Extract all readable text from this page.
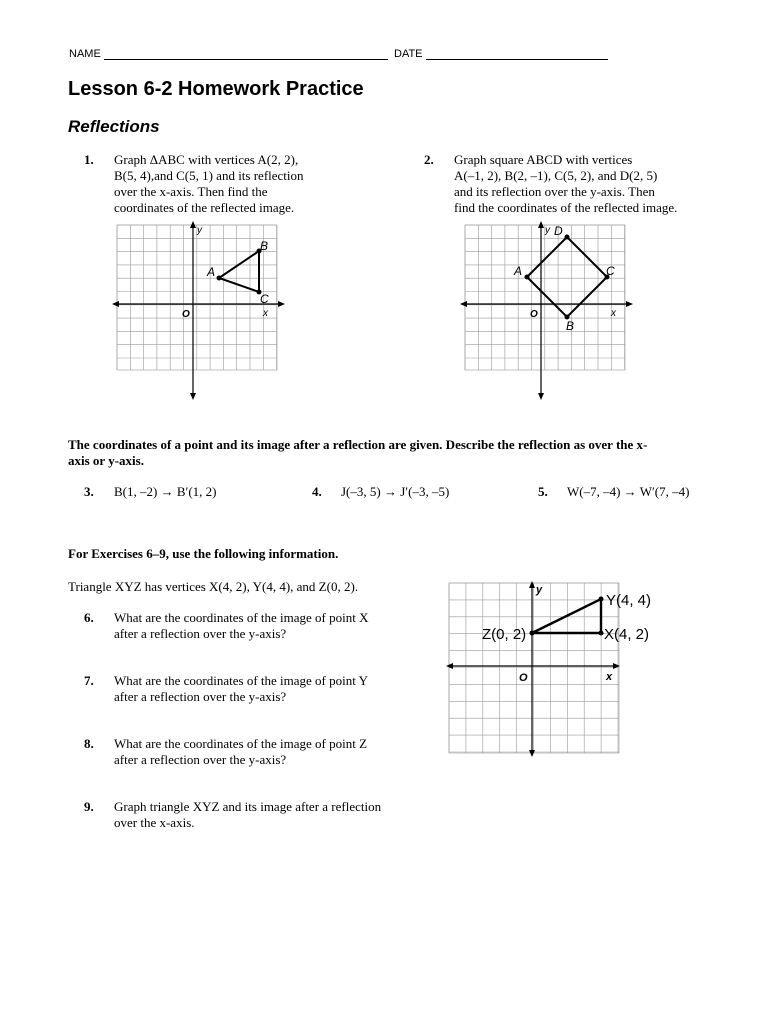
NAME	DATE
Lesson 6-2 Homework Practice
Reflections
1. Graph ΔABC with vertices A(2, 2),
B(5, 4),and C(5, 1) and its reflection
over the x-axis. Then find the
coordinates of the reflected image.
2. Graph square ABCD with vertices
A(–1, 2), B(2, –1), C(5, 2), and D(2, 5)
and its reflection over the y-axis. Then
find the coordinates of the reflected image.
y
x
O
A
B
C
y
x
O
A
B
C
D
The coordinates of a point and its image after a reflection are given. Describe the reflection as over the x-
axis or y-axis.
3. B(1, –2) → B′(1, 2)	4. J(–3, 5) → J′(–3, –5)	5. W(–7, –4) → W′(7, –4)
For Exercises 6–9, use the following information.
Triangle XYZ has vertices X(4, 2), Y(4, 4), and Z(0, 2).
6. What are the coordinates of the image of point X
after a reflection over the y-axis?
7. What are the coordinates of the image of point Y
after a reflection over the y-axis?
8. What are the coordinates of the image of point Z
after a reflection over the y-axis?
9. Graph triangle XYZ and its image after a reflection
over the x-axis.
y
x
O
Y(4, 4)
X(4, 2)
Z(0, 2)
